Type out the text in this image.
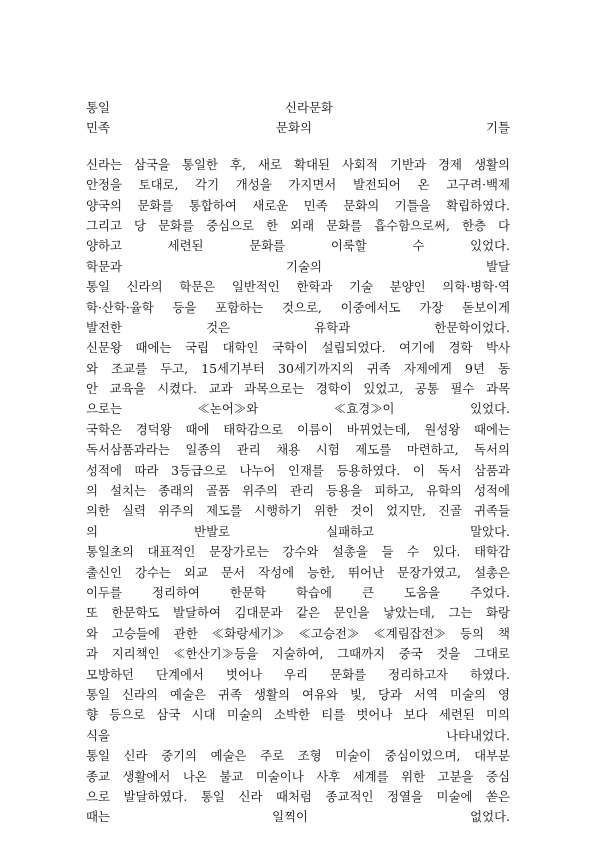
통일	신라문화
민족	문화의	기틀
신라는 삼국을 통일한 후, 새로 확대된 사회적 기반과 경제 생활의
안정을 토대로, 각기 개성을 가지면서 발전되어 온 고구려·백제
양국의 문화를 통합하여 새로운 민족 문화의 기틀을 확립하였다.
그리고 당 문화를 중심으로 한 외래 문화를 흡수함으로써, 한층 다
양하고 세련된 문화를 이룩할 수 있었다.
학문과 기술의 발달
통일 신라의 학문은 일반적인 한학과 기술 분양인 의학·병학·역
학·산학·율학 등을 포함하는 것으로, 이중에서도 가장 돋보이게
발전한 것은 유학과 한문학이었다.
신문왕 때에는 국립 대학인 국학이 설립되었다. 여기에 경학 박사
와 조교를 두고, 15세기부터 30세기까지의 귀족 자제에게 9년 동
안 교육을 시켰다. 교과 과목으로는 경학이 있었고, 공통 필수 과목
으로는 ≪논어≫와 ≪효경≫이 있었다.
국학은 경덕왕 때에 태학감으로 이름이 바뀌었는데, 원성왕 때에는
독서삼품과라는 일종의 관리 채용 시험 제도를 마련하고, 독서의
성적에 따라 3등급으로 나누어 인재를 등용하였다. 이 독서 삼품과
의 설치는 종래의 골품 위주의 관리 등용을 피하고, 유학의 성적에
의한 실력 위주의 제도를 시행하기 위한 것이 었지만, 진골 귀족들
의 반발로 실패하고 말았다.
통일초의 대표적인 문장가로는 강수와 설총을 들 수 있다. 태학감
출신인 강수는 외교 문서 작성에 능한, 뛰어난 문장가였고, 설총은
이두를 정리하여 한문학 학습에 큰 도움을 주었다.
또 한문학도 발달하여 김대문과 같은 문인을 낳았는데, 그는 화랑
와 고승들에 관한 ≪화랑세기≫ ≪고승전≫ ≪계림잡전≫ 등의 책
과 지리책인 ≪한산기≫등을 지술하여, 그때까지 중국 것을 그대로
모방하던 단계에서 벗어나 우리 문화를 정리하고자 하였다.
통일 신라의 예술은 귀족 생활의 여유와 빛, 당과 서역 미술의 영
향 등으로 삼국 시대 미술의 소박한 티를 벗어나 보다 세련된 미의
식을 나타내었다.
통일 신라 중기의 예술은 주로 조형 미술이 중심이었으며, 대부분
종교 생활에서 나온 불교 미술이나 사후 세계를 위한 고분을 중심
으로 발달하였다. 통일 신라 때처럼 종교적인 정열을 미술에 쏟은
때는 일찍이 없었다.
